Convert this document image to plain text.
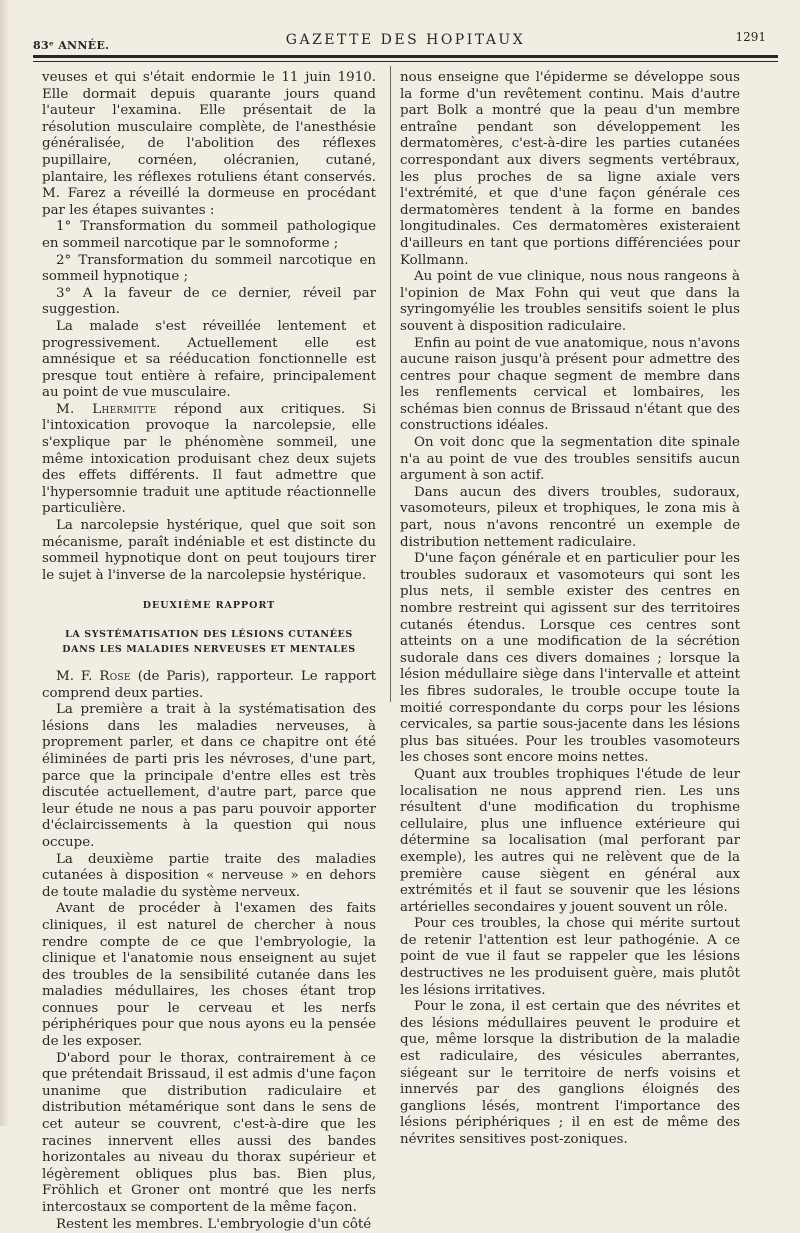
83ᵉ ANNÉE.	GAZETTE DES HOPITAUX	1291

veuses et qui s'était endormie le 11 juin 1910. Elle dormait depuis quarante jours quand l'auteur l'examina. Elle présentait de la résolution musculaire complète, de l'anesthésie généralisée, de l'abolition des réflexes pupillaire, cornéen, olécranien, cutané, plantaire, les réflexes rotuliens étant conservés. M. Farez a réveillé la dormeuse en procédant par les étapes suivantes :

1° Transformation du sommeil pathologique en sommeil narcotique par le somnoforme ;

2° Transformation du sommeil narcotique en sommeil hypnotique ;

3° A la faveur de ce dernier, réveil par suggestion.

La malade s'est réveillée lentement et progressivement. Actuellement elle est amnésique et sa rééducation fonctionnelle est presque tout entière à refaire, principalement au point de vue musculaire.

M. Lhermitte répond aux critiques. Si l'intoxication provoque la narcolepsie, elle s'explique par le phénomène sommeil, une même intoxication produisant chez deux sujets des effets différents. Il faut admettre que l'hypersomnie traduit une aptitude réactionnelle particulière.

La narcolepsie hystérique, quel que soit son mécanisme, paraît indéniable et est distincte du sommeil hypnotique dont on peut toujours tirer le sujet à l'inverse de la narcolepsie hystérique.

DEUXIÈME RAPPORT
LA SYSTÉMATISATION DES LÉSIONS CUTANÉES
DANS LES MALADIES NERVEUSES ET MENTALES

M. F. Rose (de Paris), rapporteur. Le rapport comprend deux parties.

La première a trait à la systématisation des lésions dans les maladies nerveuses, à proprement parler, et dans ce chapitre ont été éliminées de parti pris les névroses, d'une part, parce que la principale d'entre elles est très discutée actuellement, d'autre part, parce que leur étude ne nous a pas paru pouvoir apporter d'éclaircissements à la question qui nous occupe.

La deuxième partie traite des maladies cutanées à disposition « nerveuse » en dehors de toute maladie du système nerveux.

Avant de procéder à l'examen des faits cliniques, il est naturel de chercher à nous rendre compte de ce que l'embryologie, la clinique et l'anatomie nous enseignent au sujet des troubles de la sensibilité cutanée dans les maladies médullaires, les choses étant trop connues pour le cerveau et les nerfs périphériques pour que nous ayons eu la pensée de les exposer.

D'abord pour le thorax, contrairement à ce que prétendait Brissaud, il est admis d'une façon unanime que distribution radiculaire et distribution métamérique sont dans le sens de cet auteur se couvrent, c'est-à-dire que les racines innervent elles aussi des bandes horizontales au niveau du thorax supérieur et légèrement obliques plus bas. Bien plus, Fröhlich et Groner ont montré que les nerfs intercostaux se comportent de la même façon.

Restent les membres. L'embryologie d'un côté

nous enseigne que l'épiderme se développe sous la forme d'un revêtement continu. Mais d'autre part Bolk a montré que la peau d'un membre entraîne pendant son développement les dermatomères, c'est-à-dire les parties cutanées correspondant aux divers segments vertébraux, les plus proches de sa ligne axiale vers l'extrémité, et que d'une façon générale ces dermatomères tendent à la forme en bandes longitudinales. Ces dermatomères existeraient d'ailleurs en tant que portions différenciées pour Kollmann.

Au point de vue clinique, nous nous rangeons à l'opinion de Max Fohn qui veut que dans la syringomyélie les troubles sensitifs soient le plus souvent à disposition radiculaire.

Enfin au point de vue anatomique, nous n'avons aucune raison jusqu'à présent pour admettre des centres pour chaque segment de membre dans les renflements cervical et lombaires, les schémas bien connus de Brissaud n'étant que des constructions idéales.

On voit donc que la segmentation dite spinale n'a au point de vue des troubles sensitifs aucun argument à son actif.

Dans aucun des divers troubles, sudoraux, vasomoteurs, pileux et trophiques, le zona mis à part, nous n'avons rencontré un exemple de distribution nettement radiculaire.

D'une façon générale et en particulier pour les troubles sudoraux et vasomoteurs qui sont les plus nets, il semble exister des centres en nombre restreint qui agissent sur des territoires cutanés étendus. Lorsque ces centres sont atteints on a une modification de la sécrétion sudorale dans ces divers domaines ; lorsque la lésion médullaire siège dans l'intervalle et atteint les fibres sudorales, le trouble occupe toute la moitié correspondante du corps pour les lésions cervicales, sa partie sous-jacente dans les lésions plus bas situées. Pour les troubles vasomoteurs les choses sont encore moins nettes.

Quant aux troubles trophiques l'étude de leur localisation ne nous apprend rien. Les uns résultent d'une modification du trophisme cellulaire, plus une influence extérieure qui détermine sa localisation (mal perforant par exemple), les autres qui ne relèvent que de la première cause siègent en général aux extrémités et il faut se souvenir que les lésions artérielles secondaires y jouent souvent un rôle.

Pour ces troubles, la chose qui mérite surtout de retenir l'attention est leur pathogénie. A ce point de vue il faut se rappeler que les lésions destructives ne les produisent guère, mais plutôt les lésions irritatives.

Pour le zona, il est certain que des névrites et des lésions médullaires peuvent le produire et que, même lorsque la distribution de la maladie est radiculaire, des vésicules aberrantes, siégeant sur le territoire de nerfs voisins et innervés par des ganglions éloignés des ganglions lésés, montrent l'importance des lésions périphériques ; il en est de même des névrites sensitives post-zoniques.
